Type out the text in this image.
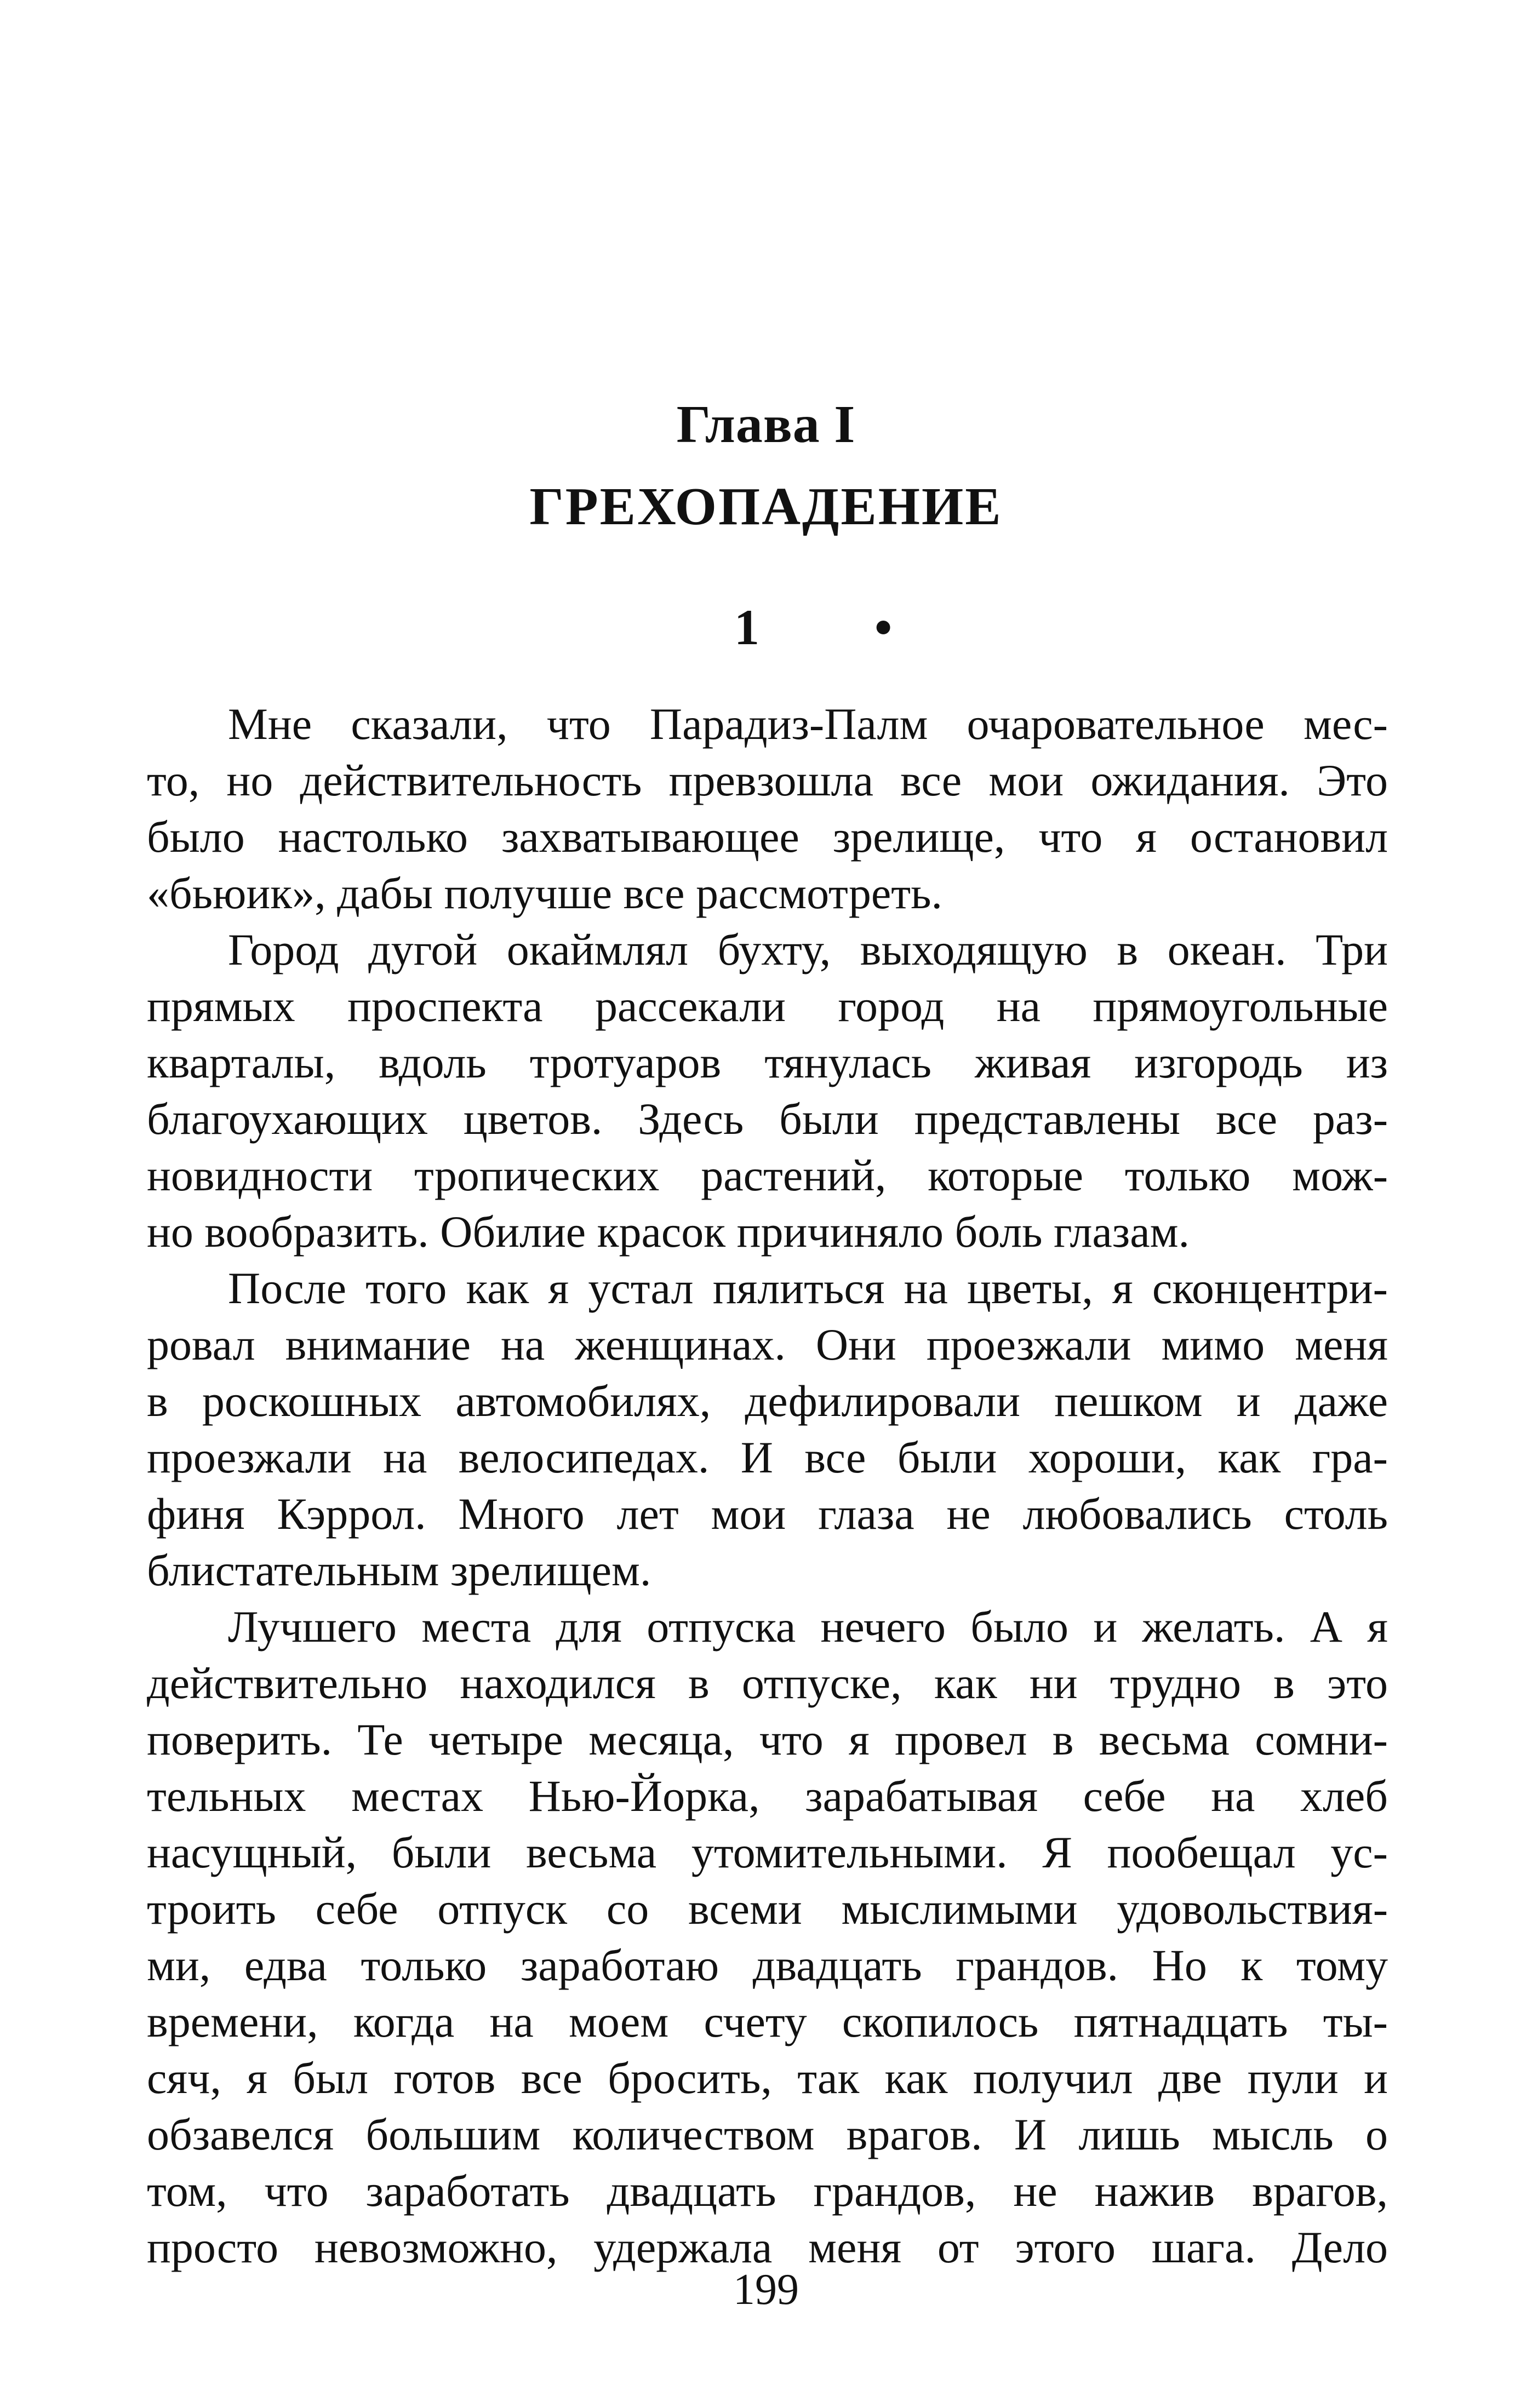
Глава I
ГРЕХОПАДЕНИЕ
1 •
Мне сказали, что Парадиз-Палм очаровательное мес-
то, но действительность превзошла все мои ожидания. Это
было настолько захватывающее зрелище, что я остановил
«бьюик», дабы получше все рассмотреть.
Город дугой окаймлял бухту, выходящую в океан. Три
прямых проспекта рассекали город на прямоугольные
кварталы, вдоль тротуаров тянулась живая изгородь из
благоухающих цветов. Здесь были представлены все раз-
новидности тропических растений, которые только мож-
но вообразить. Обилие красок причиняло боль глазам.
После того как я устал пялиться на цветы, я сконцентри-
ровал внимание на женщинах. Они проезжали мимо меня
в роскошных автомобилях, дефилировали пешком и даже
проезжали на велосипедах. И все были хороши, как гра-
финя Кэррол. Много лет мои глаза не любовались столь
блистательным зрелищем.
Лучшего места для отпуска нечего было и желать. А я
действительно находился в отпуске, как ни трудно в это
поверить. Те четыре месяца, что я провел в весьма сомни-
тельных местах Нью-Йорка, зарабатывая себе на хлеб
насущный, были весьма утомительными. Я пообещал ус-
троить себе отпуск со всеми мыслимыми удовольствия-
ми, едва только заработаю двадцать грандов. Но к тому
времени, когда на моем счету скопилось пятнадцать ты-
сяч, я был готов все бросить, так как получил две пули и
обзавелся большим количеством врагов. И лишь мысль о
том, что заработать двадцать грандов, не нажив врагов,
просто невозможно, удержала меня от этого шага. Дело
199
